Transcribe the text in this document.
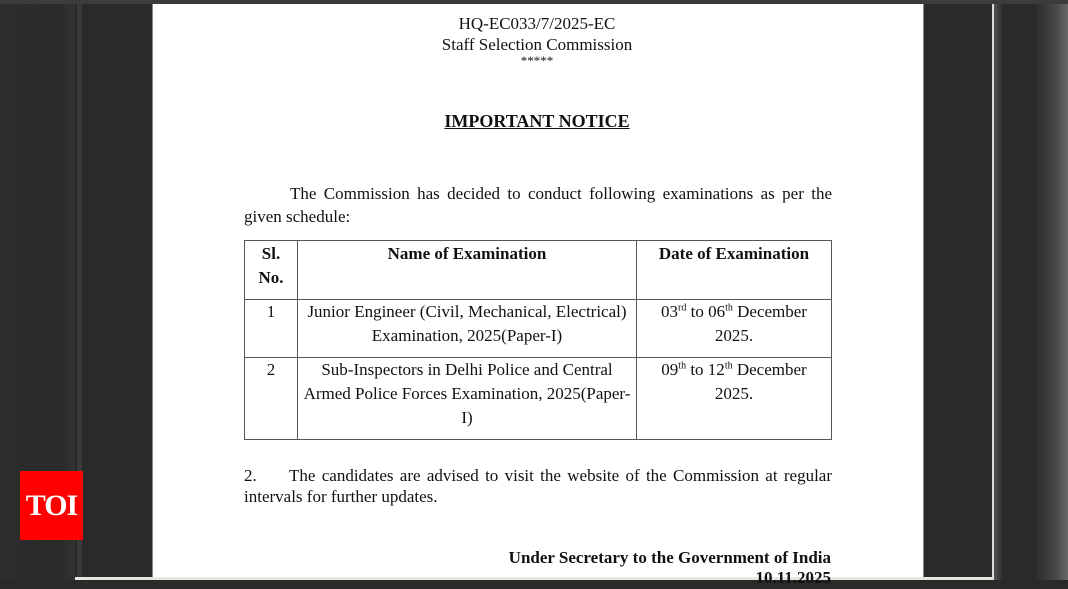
HQ-EC033/7/2025-EC
Staff Selection Commission
*****
IMPORTANT NOTICE
The Commission has decided to conduct following examinations as per the given schedule:
Sl. No.	Name of Examination	Date of Examination
1	Junior Engineer (Civil, Mechanical, Electrical) Examination, 2025(Paper-I)	03rd to 06th December 2025.
2	Sub-Inspectors in Delhi Police and Central Armed Police Forces Examination, 2025(Paper-I)	09th to 12th December 2025.
2. The candidates are advised to visit the website of the Commission at regular intervals for further updates.
Under Secretary to the Government of India
10.11.2025
TOI
